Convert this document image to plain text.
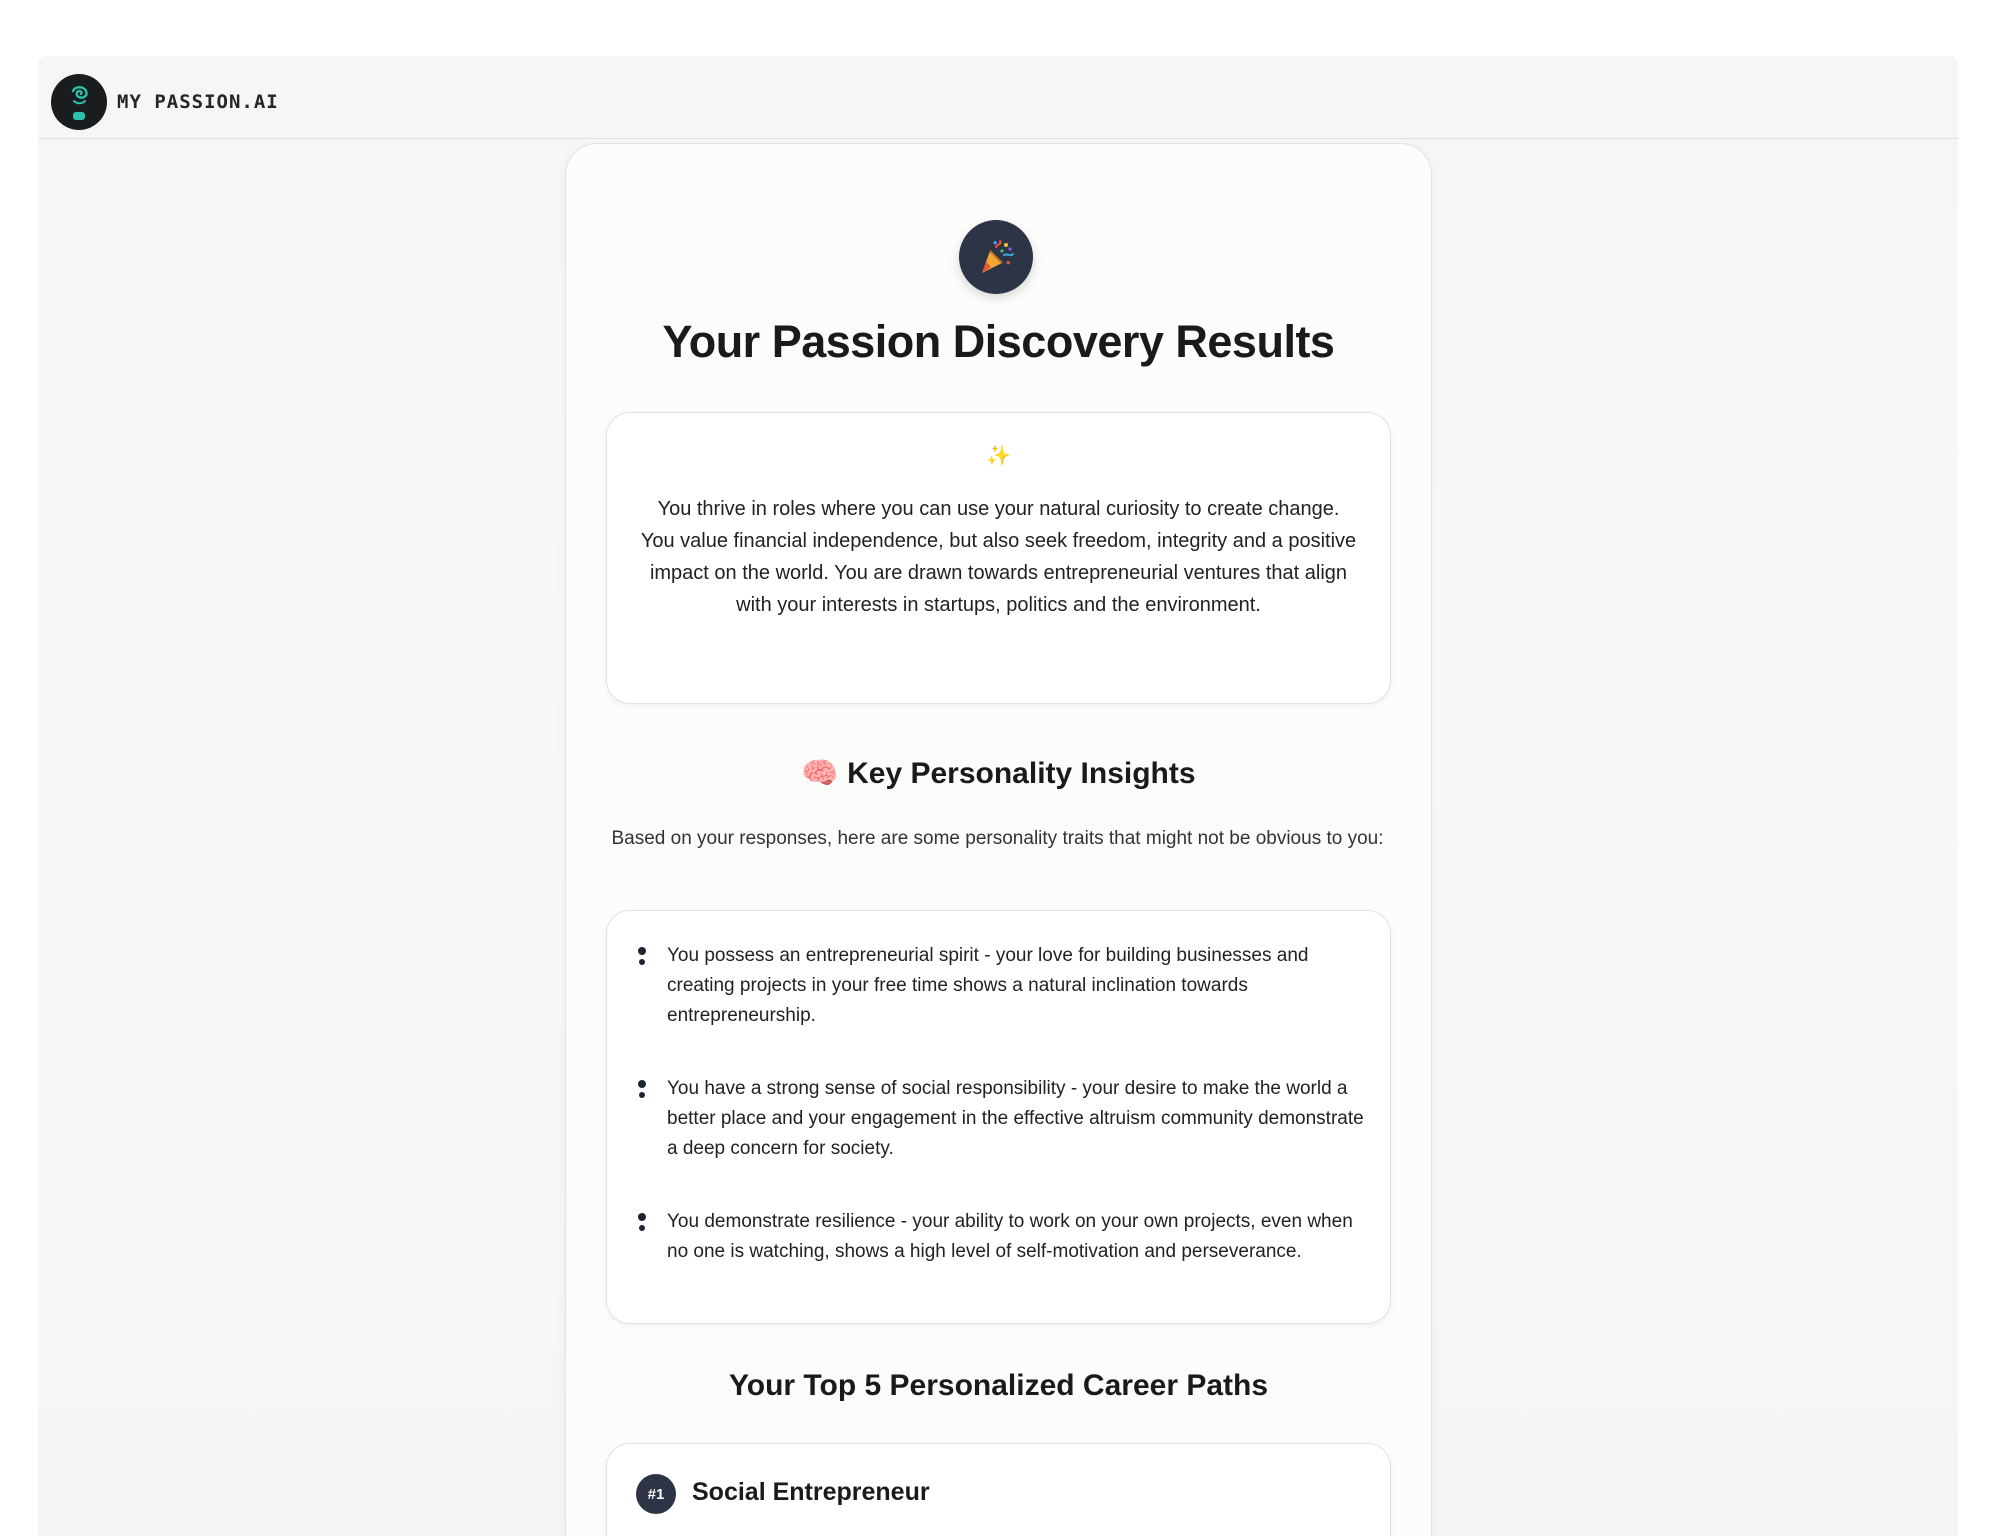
MY PASSION.AI
Your Passion Discovery Results
✨
You thrive in roles where you can use your natural curiosity to create change. You value financial independence, but also seek freedom, integrity and a positive impact on the world. You are drawn towards entrepreneurial ventures that align with your interests in startups, politics and the environment.
🧠 Key Personality Insights
Based on your responses, here are some personality traits that might not be obvious to you:
You possess an entrepreneurial spirit - your love for building businesses and creating projects in your free time shows a natural inclination towards entrepreneurship.
You have a strong sense of social responsibility - your desire to make the world a better place and your engagement in the effective altruism community demonstrate a deep concern for society.
You demonstrate resilience - your ability to work on your own projects, even when no one is watching, shows a high level of self-motivation and perseverance.
Your Top 5 Personalized Career Paths
#1	Social Entrepreneur
